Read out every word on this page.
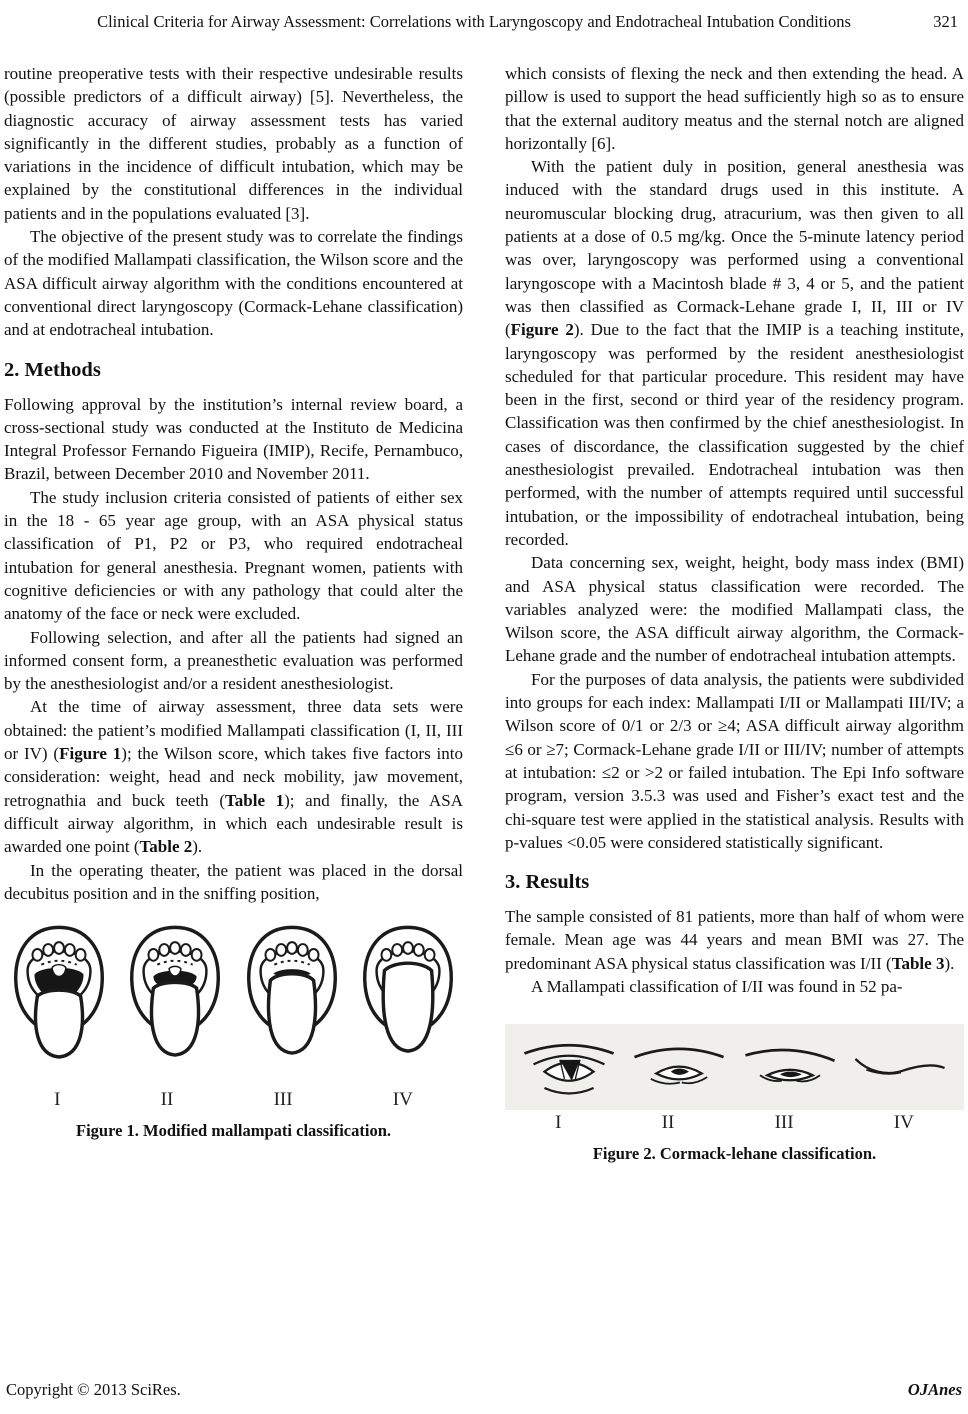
Clinical Criteria for Airway Assessment: Correlations with Laryngoscopy and Endotracheal Intubation Conditions	321

routine preoperative tests with their respective undesirable results (possible predictors of a difficult airway) [5]. Nevertheless, the diagnostic accuracy of airway assessment tests has varied significantly in the different studies, probably as a function of variations in the incidence of difficult intubation, which may be explained by the constitutional differences in the individual patients and in the populations evaluated [3].

The objective of the present study was to correlate the findings of the modified Mallampati classification, the Wilson score and the ASA difficult airway algorithm with the conditions encountered at conventional direct laryngoscopy (Cormack-Lehane classification) and at endotracheal intubation.

2. Methods

Following approval by the institution’s internal review board, a cross-sectional study was conducted at the Instituto de Medicina Integral Professor Fernando Figueira (IMIP), Recife, Pernambuco, Brazil, between December 2010 and November 2011.

The study inclusion criteria consisted of patients of either sex in the 18 - 65 year age group, with an ASA physical status classification of P1, P2 or P3, who required endotracheal intubation for general anesthesia. Pregnant women, patients with cognitive deficiencies or with any pathology that could alter the anatomy of the face or neck were excluded.

Following selection, and after all the patients had signed an informed consent form, a preanesthetic evaluation was performed by the anesthesiologist and/or a resident anesthesiologist.

At the time of airway assessment, three data sets were obtained: the patient’s modified Mallampati classification (I, II, III or IV) (Figure 1); the Wilson score, which takes five factors into consideration: weight, head and neck mobility, jaw movement, retrognathia and buck teeth (Table 1); and finally, the ASA difficult airway algorithm, in which each undesirable result is awarded one point (Table 2).

In the operating theater, the patient was placed in the dorsal decubitus position and in the sniffing position,

I	II	III	IV
Figure 1. Modified mallampati classification.

which consists of flexing the neck and then extending the head. A pillow is used to support the head sufficiently high so as to ensure that the external auditory meatus and the sternal notch are aligned horizontally [6].

With the patient duly in position, general anesthesia was induced with the standard drugs used in this institute. A neuromuscular blocking drug, atracurium, was then given to all patients at a dose of 0.5 mg/kg. Once the 5-minute latency period was over, laryngoscopy was performed using a conventional laryngoscope with a Macintosh blade # 3, 4 or 5, and the patient was then classified as Cormack-Lehane grade I, II, III or IV (Figure 2). Due to the fact that the IMIP is a teaching institute, laryngoscopy was performed by the resident anesthesiologist scheduled for that particular procedure. This resident may have been in the first, second or third year of the residency program. Classification was then confirmed by the chief anesthesiologist. In cases of discordance, the classification suggested by the chief anesthesiologist prevailed. Endotracheal intubation was then performed, with the number of attempts required until successful intubation, or the impossibility of endotracheal intubation, being recorded.

Data concerning sex, weight, height, body mass index (BMI) and ASA physical status classification were recorded. The variables analyzed were: the modified Mallampati class, the Wilson score, the ASA difficult airway algorithm, the Cormack-Lehane grade and the number of endotracheal intubation attempts.

For the purposes of data analysis, the patients were subdivided into groups for each index: Mallampati I/II or Mallampati III/IV; a Wilson score of 0/1 or 2/3 or ≥4; ASA difficult airway algorithm ≤6 or ≥7; Cormack-Lehane grade I/II or III/IV; number of attempts at intubation: ≤2 or >2 or failed intubation. The Epi Info software program, version 3.5.3 was used and Fisher’s exact test and the chi-square test were applied in the statistical analysis. Results with p-values <0.05 were considered statistically significant.

3. Results

The sample consisted of 81 patients, more than half of whom were female. Mean age was 44 years and mean BMI was 27. The predominant ASA physical status classification was I/II (Table 3).

A Mallampati classification of I/II was found in 52 pa-

I	II	III	IV
Figure 2. Cormack-lehane classification.
Copyright © 2013 SciRes.	OJAnes
